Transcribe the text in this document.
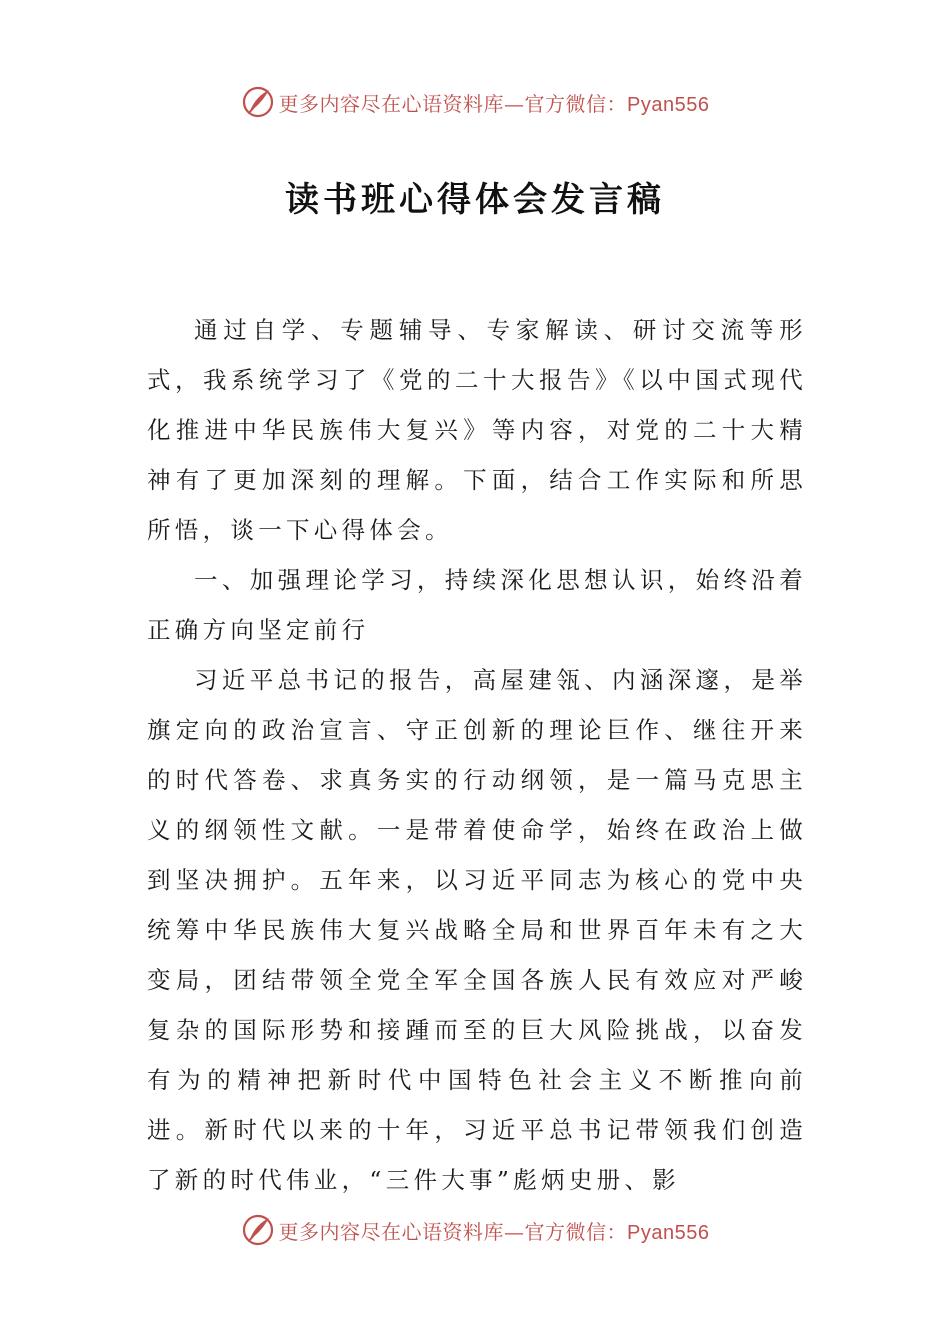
更多内容尽在心语资料库—官方微信：Pyan556
读书班心得体会发言稿

通过自学、专题辅导、专家解读、研讨交流等形式，我系统学习了《党的二十大报告》《以中国式现代化推进中华民族伟大复兴》等内容，对党的二十大精神有了更加深刻的理解。下面，结合工作实际和所思所悟，谈一下心得体会。

一、加强理论学习，持续深化思想认识，始终沿着正确方向坚定前行

习近平总书记的报告，高屋建瓴、内涵深邃，是举旗定向的政治宣言、守正创新的理论巨作、继往开来的时代答卷、求真务实的行动纲领，是一篇马克思主义的纲领性文献。一是带着使命学，始终在政治上做到坚决拥护。五年来，以习近平同志为核心的党中央统筹中华民族伟大复兴战略全局和世界百年未有之大变局，团结带领全党全军全国各族人民有效应对严峻复杂的国际形势和接踵而至的巨大风险挑战，以奋发有为的精神把新时代中国特色社会主义不断推向前进。新时代以来的十年，习近平总书记带领我们创造了新的时代伟业，“三件大事”彪炳史册、影

更多内容尽在心语资料库—官方微信：Pyan556
